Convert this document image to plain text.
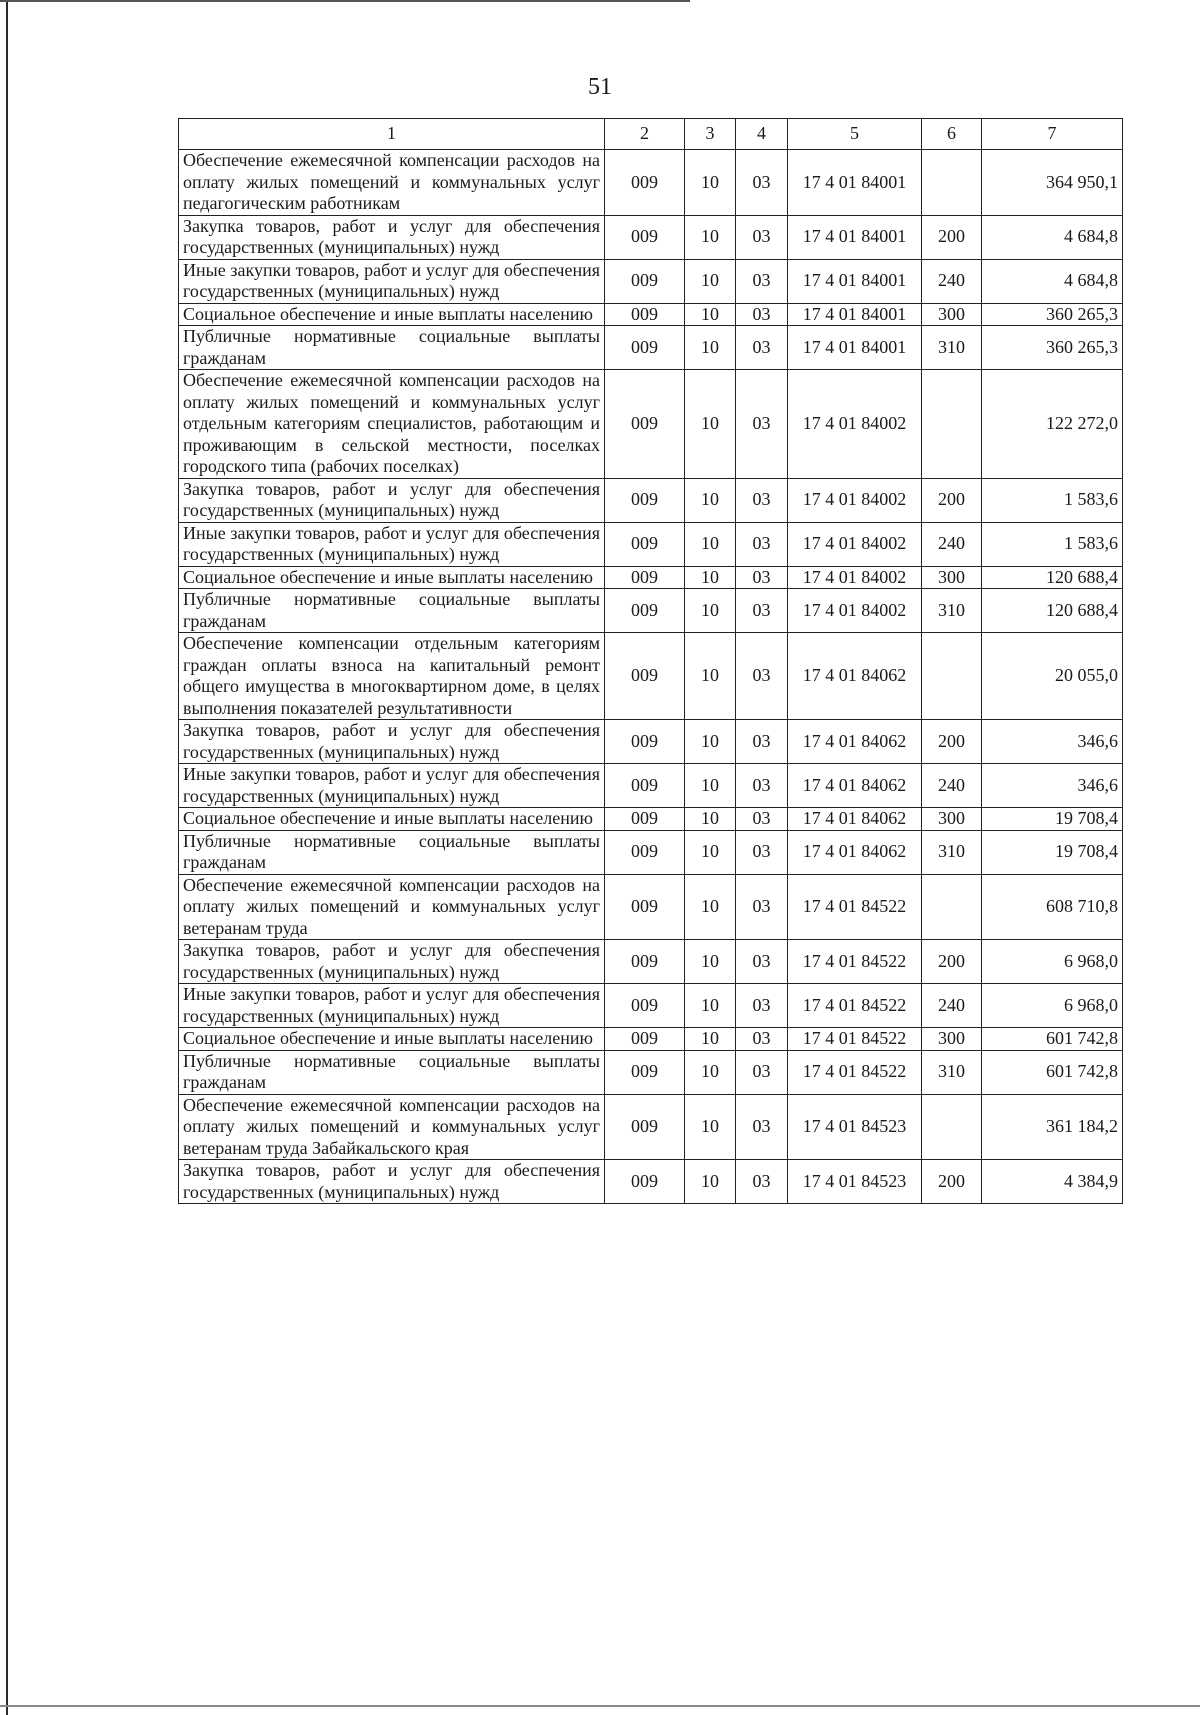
51
1	2	3	4	5	6	7
Обеспечение ежемесячной компенсации расходов на оплату жилых помещений и коммунальных услуг педагогическим работникам	009	10	03	17 4 01 84001		364 950,1
Закупка товаров, работ и услуг для обеспечения государственных (муниципальных) нужд	009	10	03	17 4 01 84001	200	4 684,8
Иные закупки товаров, работ и услуг для обеспечения государственных (муниципальных) нужд	009	10	03	17 4 01 84001	240	4 684,8
Социальное обеспечение и иные выплаты населению	009	10	03	17 4 01 84001	300	360 265,3
Публичные нормативные социальные выплаты гражданам	009	10	03	17 4 01 84001	310	360 265,3
Обеспечение ежемесячной компенсации расходов на оплату жилых помещений и коммунальных услуг отдельным категориям специалистов, работающим и проживающим в сельской местности, поселках городского типа (рабочих поселках)	009	10	03	17 4 01 84002		122 272,0
Закупка товаров, работ и услуг для обеспечения государственных (муниципальных) нужд	009	10	03	17 4 01 84002	200	1 583,6
Иные закупки товаров, работ и услуг для обеспечения государственных (муниципальных) нужд	009	10	03	17 4 01 84002	240	1 583,6
Социальное обеспечение и иные выплаты населению	009	10	03	17 4 01 84002	300	120 688,4
Публичные нормативные социальные выплаты гражданам	009	10	03	17 4 01 84002	310	120 688,4
Обеспечение компенсации отдельным категориям граждан оплаты взноса на капитальный ремонт общего имущества в многоквартирном доме, в целях выполнения показателей результативности	009	10	03	17 4 01 84062		20 055,0
Закупка товаров, работ и услуг для обеспечения государственных (муниципальных) нужд	009	10	03	17 4 01 84062	200	346,6
Иные закупки товаров, работ и услуг для обеспечения государственных (муниципальных) нужд	009	10	03	17 4 01 84062	240	346,6
Социальное обеспечение и иные выплаты населению	009	10	03	17 4 01 84062	300	19 708,4
Публичные нормативные социальные выплаты гражданам	009	10	03	17 4 01 84062	310	19 708,4
Обеспечение ежемесячной компенсации расходов на оплату жилых помещений и коммунальных услуг ветеранам труда	009	10	03	17 4 01 84522		608 710,8
Закупка товаров, работ и услуг для обеспечения государственных (муниципальных) нужд	009	10	03	17 4 01 84522	200	6 968,0
Иные закупки товаров, работ и услуг для обеспечения государственных (муниципальных) нужд	009	10	03	17 4 01 84522	240	6 968,0
Социальное обеспечение и иные выплаты населению	009	10	03	17 4 01 84522	300	601 742,8
Публичные нормативные социальные выплаты гражданам	009	10	03	17 4 01 84522	310	601 742,8
Обеспечение ежемесячной компенсации расходов на оплату жилых помещений и коммунальных услуг ветеранам труда Забайкальского края	009	10	03	17 4 01 84523		361 184,2
Закупка товаров, работ и услуг для обеспечения государственных (муниципальных) нужд	009	10	03	17 4 01 84523	200	4 384,9
